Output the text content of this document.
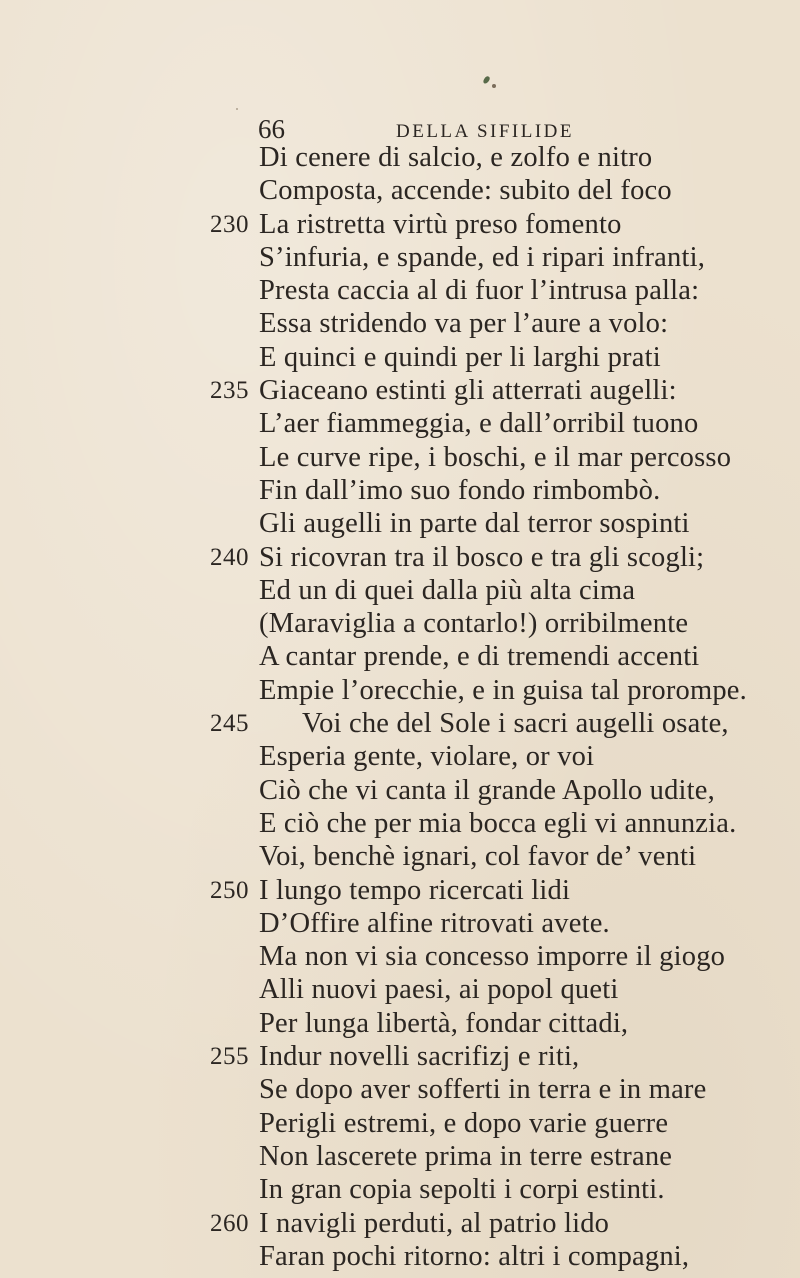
66	DELLA SIFILIDE
Di cenere di salcio, e zolfo e nitro
Composta, accende: subito del foco
230 La ristretta virtù preso fomento
S’infuria, e spande, ed i ripari infranti,
Presta caccia al di fuor l’intrusa palla:
Essa stridendo va per l’aure a volo:
E quinci e quindi per li larghi prati
235 Giaceano estinti gli atterrati augelli:
L’aer fiammeggia, e dall’orribil tuono
Le curve ripe, i boschi, e il mar percosso
Fin dall’imo suo fondo rimbombò.
Gli augelli in parte dal terror sospinti
240 Si ricovran tra il bosco e tra gli scogli;
Ed un di quei dalla più alta cima
(Maraviglia a contarlo!) orribilmente
A cantar prende, e di tremendi accenti
Empie l’orecchie, e in guisa tal prorompe.
245 Voi che del Sole i sacri augelli osate,
Esperia gente, violare, or voi
Ciò che vi canta il grande Apollo udite,
E ciò che per mia bocca egli vi annunzia.
Voi, benchè ignari, col favor de’ venti
250 I lungo tempo ricercati lidi
D’Offire alfine ritrovati avete.
Ma non vi sia concesso imporre il giogo
Alli nuovi paesi, ai popol queti
Per lunga libertà, fondar cittadi,
255 Indur novelli sacrifizj e riti,
Se dopo aver sofferti in terra e in mare
Perigli estremi, e dopo varie guerre
Non lascerete prima in terre estrane
In gran copia sepolti i corpi estinti.
260 I navigli perduti, al patrio lido
Faran pochi ritorno: altri i compagni,
